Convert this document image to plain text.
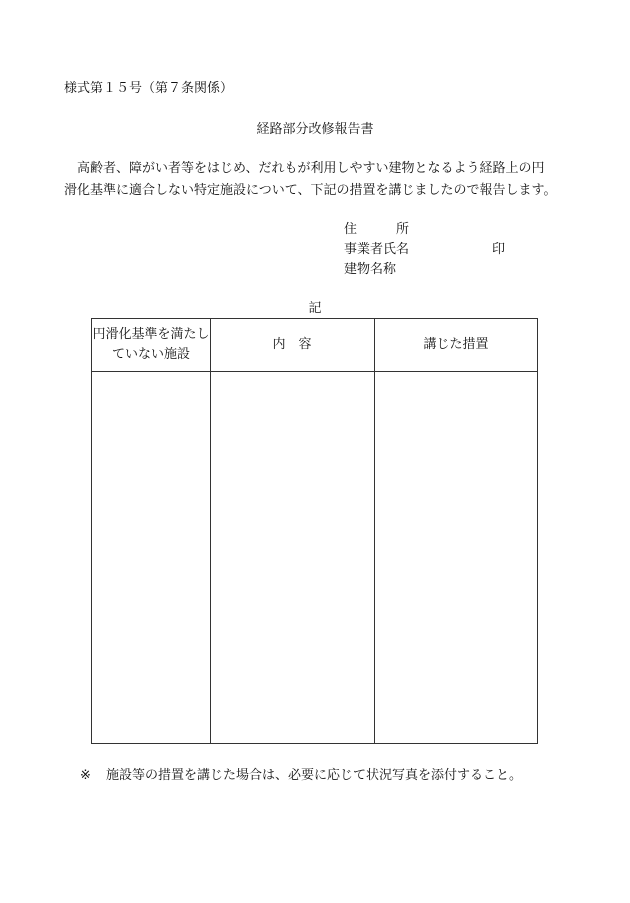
様式第１５号（第７条関係）
経路部分改修報告書
高齢者、障がい者等をはじめ、だれもが利用しやすい建物となるよう経路上の円
滑化基準に適合しない特定施設について、下記の措置を講じましたので報告します。
住　　　所
事業者氏名	印
建物名称
記
円滑化基準を満たしていない施設
内　容	講じた措置
※ 施設等の措置を講じた場合は、必要に応じて状況写真を添付すること。
